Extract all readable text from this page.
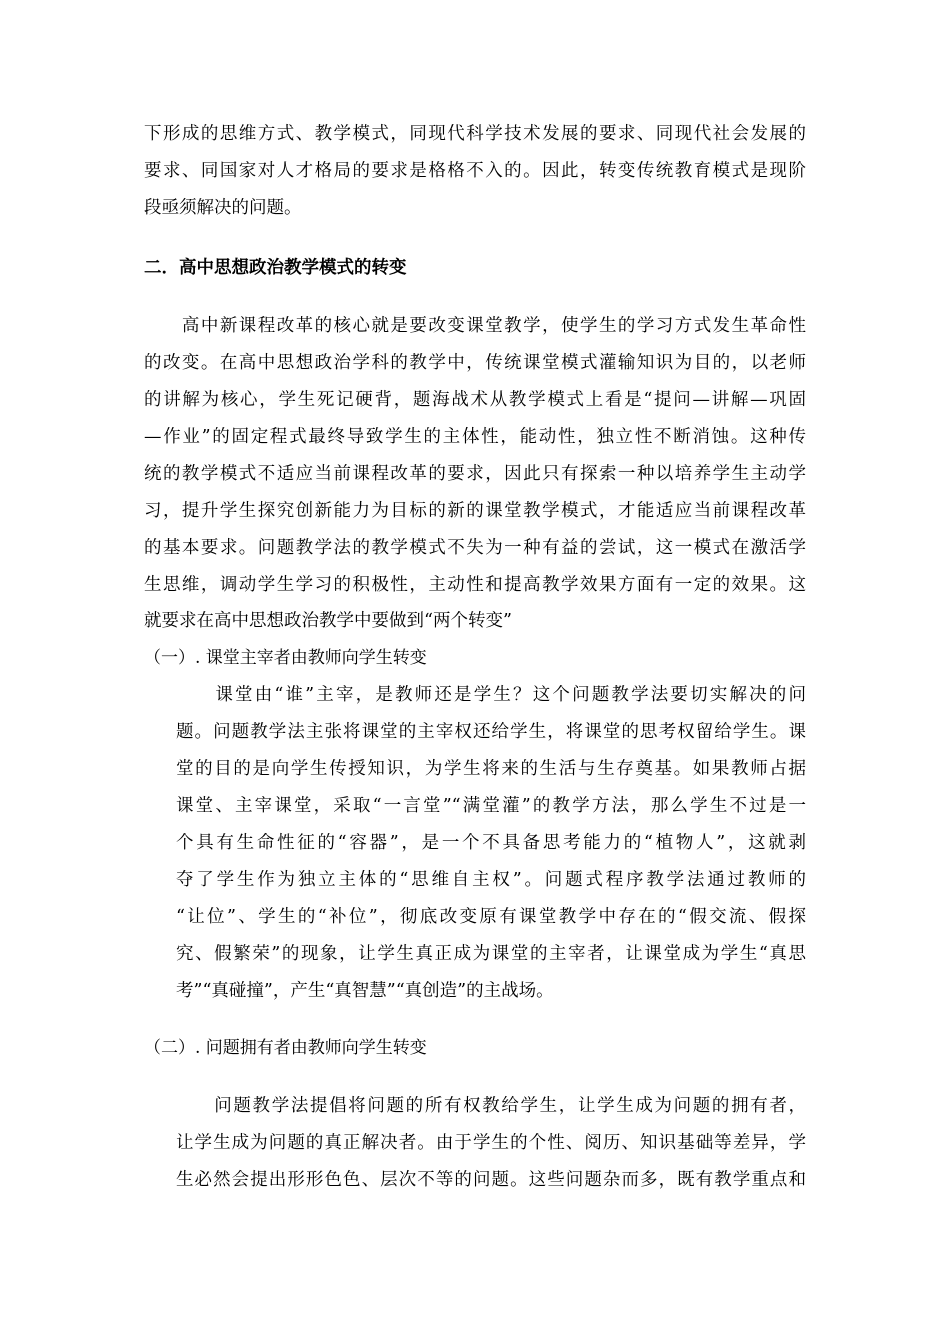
下形成的思维方式、教学模式，同现代科学技术发展的要求、同现代社会发展的

要求、同国家对人才格局的要求是格格不入的。因此，转变传统教育模式是现阶

段亟须解决的问题。

二．高中思想政治教学模式的转变

　　高中新课程改革的核心就是要改变课堂教学，使学生的学习方式发生革命性

的改变。在高中思想政治学科的教学中，传统课堂模式灌输知识为目的，以老师

的讲解为核心，学生死记硬背，题海战术从教学模式上看是“提问—讲解—巩固

—作业”的固定程式最终导致学生的主体性，能动性，独立性不断消蚀。这种传

统的教学模式不适应当前课程改革的要求，因此只有探索一种以培养学生主动学

习，提升学生探究创新能力为目标的新的课堂教学模式，才能适应当前课程改革

的基本要求。问题教学法的教学模式不失为一种有益的尝试，这一模式在激活学

生思维，调动学生学习的积极性，主动性和提高教学效果方面有一定的效果。这

就要求在高中思想政治教学中要做到“两个转变”

（一）. 课堂主宰者由教师向学生转变

　　课堂由“谁”主宰，是教师还是学生？这个问题教学法要切实解决的问

题。问题教学法主张将课堂的主宰权还给学生，将课堂的思考权留给学生。课

堂的目的是向学生传授知识，为学生将来的生活与生存奠基。如果教师占据

课堂、主宰课堂，采取“一言堂”“满堂灌”的教学方法，那么学生不过是一

个具有生命性征的“容器”，是一个不具备思考能力的“植物人”，这就剥

夺了学生作为独立主体的“思维自主权”。问题式程序教学法通过教师的

“让位”、学生的“补位”，彻底改变原有课堂教学中存在的“假交流、假探

究、假繁荣”的现象，让学生真正成为课堂的主宰者，让课堂成为学生“真思

考”“真碰撞”，产生“真智慧”“真创造”的主战场。

（二）. 问题拥有者由教师向学生转变

　　问题教学法提倡将问题的所有权教给学生，让学生成为问题的拥有者，

让学生成为问题的真正解决者。由于学生的个性、阅历、知识基础等差异，学

生必然会提出形形色色、层次不等的问题。这些问题杂而多，既有教学重点和
